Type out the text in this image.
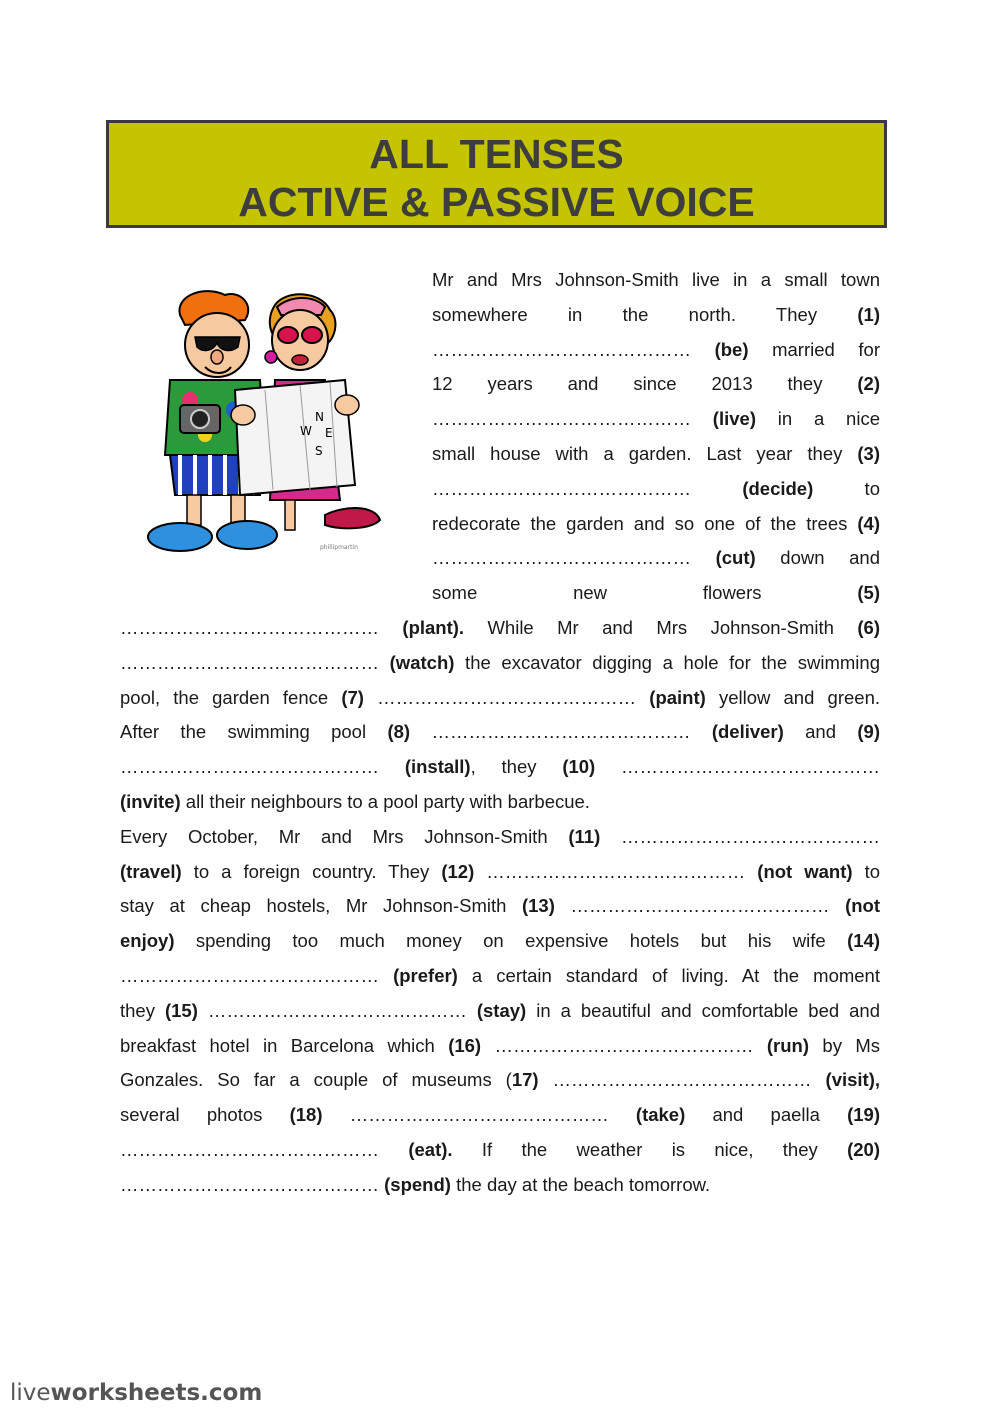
ALL TENSES
ACTIVE & PASSIVE VOICE
W
N
E
S
phillipmartin
Mr and Mrs Johnson-Smith live in a small town
somewhere in the north. They (1)
…………………………………… (be) married for
12 years and since 2013 they (2)
…………………………………… (live) in a nice
small house with a garden. Last year they (3)
…………………………………… (decide) to
redecorate the garden and so one of the trees (4)
…………………………………… (cut) down and
some new flowers (5)
…………………………………… (plant). While Mr and Mrs Johnson-Smith (6)
…………………………………… (watch) the excavator digging a hole for the swimming
pool, the garden fence (7) …………………………………… (paint) yellow and green.
After the swimming pool (8) …………………………………… (deliver) and (9)
…………………………………… (install), they (10) ……………………………………
(invite) all their neighbours to a pool party with barbecue.
Every October, Mr and Mrs Johnson-Smith (11) ……………………………………
(travel) to a foreign country. They (12) …………………………………… (not want) to
stay at cheap hostels, Mr Johnson-Smith (13) …………………………………… (not
enjoy) spending too much money on expensive hotels but his wife (14)
…………………………………… (prefer) a certain standard of living. At the moment
they (15) …………………………………… (stay) in a beautiful and comfortable bed and
breakfast hotel in Barcelona which (16) …………………………………… (run) by Ms
Gonzales. So far a couple of museums (17) …………………………………… (visit),
several photos (18) …………………………………… (take) and paella (19)
…………………………………… (eat). If the weather is nice, they (20)
…………………………………… (spend) the day at the beach tomorrow.
liveworksheets.com
